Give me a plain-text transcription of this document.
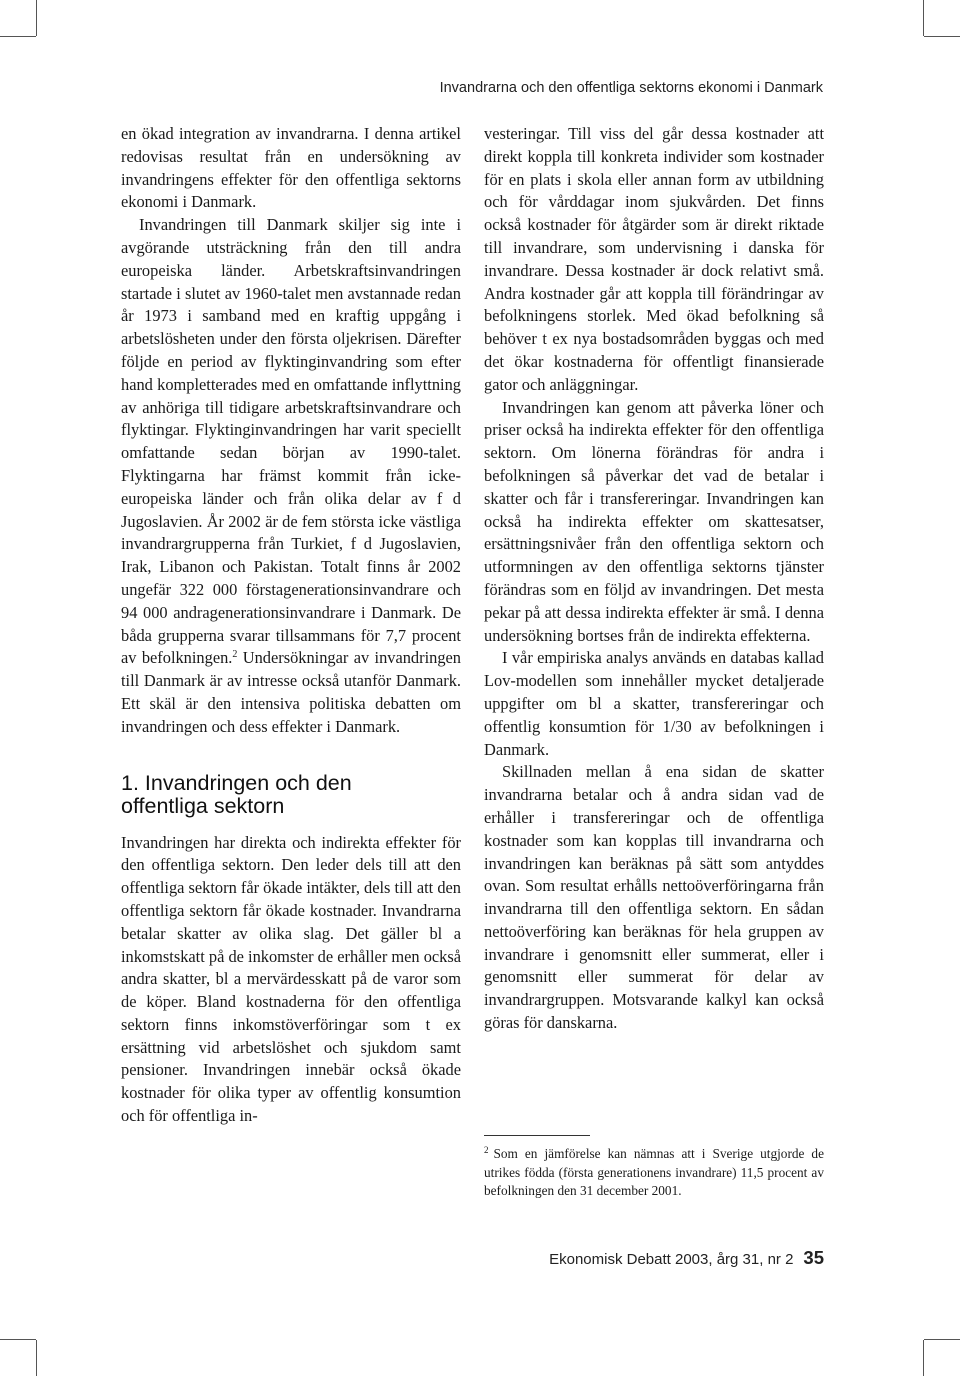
Invandrarna och den offentliga sektorns ekonomi i Danmark

en ökad integration av invandrarna. I denna artikel redovisas resultat från en undersökning av invandringens effekter för den offentliga sektorns ekonomi i Danmark.

Invandringen till Danmark skiljer sig inte i avgörande utsträckning från den till andra europeiska länder. Arbetskraftsinvandringen startade i slutet av 1960-talet men avstannade redan år 1973 i samband med en kraftig uppgång i arbetslösheten under den första oljekrisen. Därefter följde en period av flyktinginvandring som efter hand kompletterades med en omfattande inflyttning av anhöriga till tidigare arbetskraftsinvandrare och flyktingar. Flyktinginvandringen har varit speciellt omfattande sedan början av 1990-talet. Flyktingarna har främst kommit från icke-europeiska länder och från olika delar av f d Jugoslavien. År 2002 är de fem största icke västliga invandrargrupperna från Turkiet, f d Jugoslavien, Irak, Libanon och Pakistan. Totalt finns år 2002 ungefär 322 000 förstagenerationsinvandrare och 94 000 andragenerationsinvandrare i Danmark. De båda grupperna svarar tillsammans för 7,7 procent av befolkningen.$^2$ Undersökningar av invandringen till Danmark är av intresse också utanför Danmark. Ett skäl är den intensiva politiska debatten om invandringen och dess effekter i Danmark.

1. Invandringen och den offentliga sektorn

Invandringen har direkta och indirekta effekter för den offentliga sektorn. Den leder dels till att den offentliga sektorn får ökade intäkter, dels till att den offentliga sektorn får ökade kostnader. Invandrarna betalar skatter av olika slag. Det gäller bl a inkomstskatt på de inkomster de erhåller men också andra skatter, bl a mervärdesskatt på de varor som de köper. Bland kostnaderna för den offentliga sektorn finns inkomstöverföringar som t ex ersättning vid arbetslöshet och sjukdom samt pensioner. Invandringen innebär också ökade kostnader för olika typer av offentlig konsumtion och för offentliga in-

vesteringar. Till viss del går dessa kostnader att direkt koppla till konkreta individer som kostnader för en plats i skola eller annan form av utbildning och för vårddagar inom sjukvården. Det finns också kostnader för åtgärder som är direkt riktade till invandrare, som undervisning i danska för invandrare. Dessa kostnader är dock relativt små. Andra kostnader går att koppla till förändringar av befolkningens storlek. Med ökad befolkning så behöver t ex nya bostadsområden byggas och med det ökar kostnaderna för offentligt finansierade gator och anläggningar.

Invandringen kan genom att påverka löner och priser också ha indirekta effekter för den offentliga sektorn. Om lönerna förändras för andra i befolkningen så påverkar det vad de betalar i skatter och får i transfereringar. Invandringen kan också ha indirekta effekter om skattesatser, ersättningsnivåer från den offentliga sektorn och utformningen av den offentliga sektorns tjänster förändras som en följd av invandringen. Det mesta pekar på att dessa indirekta effekter är små. I denna undersökning bortses från de indirekta effekterna.

I vår empiriska analys används en databas kallad Lov-modellen som innehåller mycket detaljerade uppgifter om bl a skatter, transfereringar och offentlig konsumtion för 1/30 av befolkningen i Danmark.

Skillnaden mellan å ena sidan de skatter invandrarna betalar och å andra sidan vad de erhåller i transfereringar och de offentliga kostnader som kan kopplas till invandrarna och invandringen kan beräknas på sätt som antyddes ovan. Som resultat erhålls nettoöverföringarna från invandrarna till den offentliga sektorn. En sådan nettoöverföring kan beräknas för hela gruppen av invandrare i genomsnitt eller summerat, eller i genomsnitt eller summerat för delar av invandrargruppen. Motsvarande kalkyl kan också göras för danskarna.

$^2$ Som en jämförelse kan nämnas att i Sverige utgjorde de utrikes födda (första generationens invandrare) 11,5 procent av befolkningen den 31 december 2001.

Ekonomisk Debatt 2003, årg 31, nr 2 35
